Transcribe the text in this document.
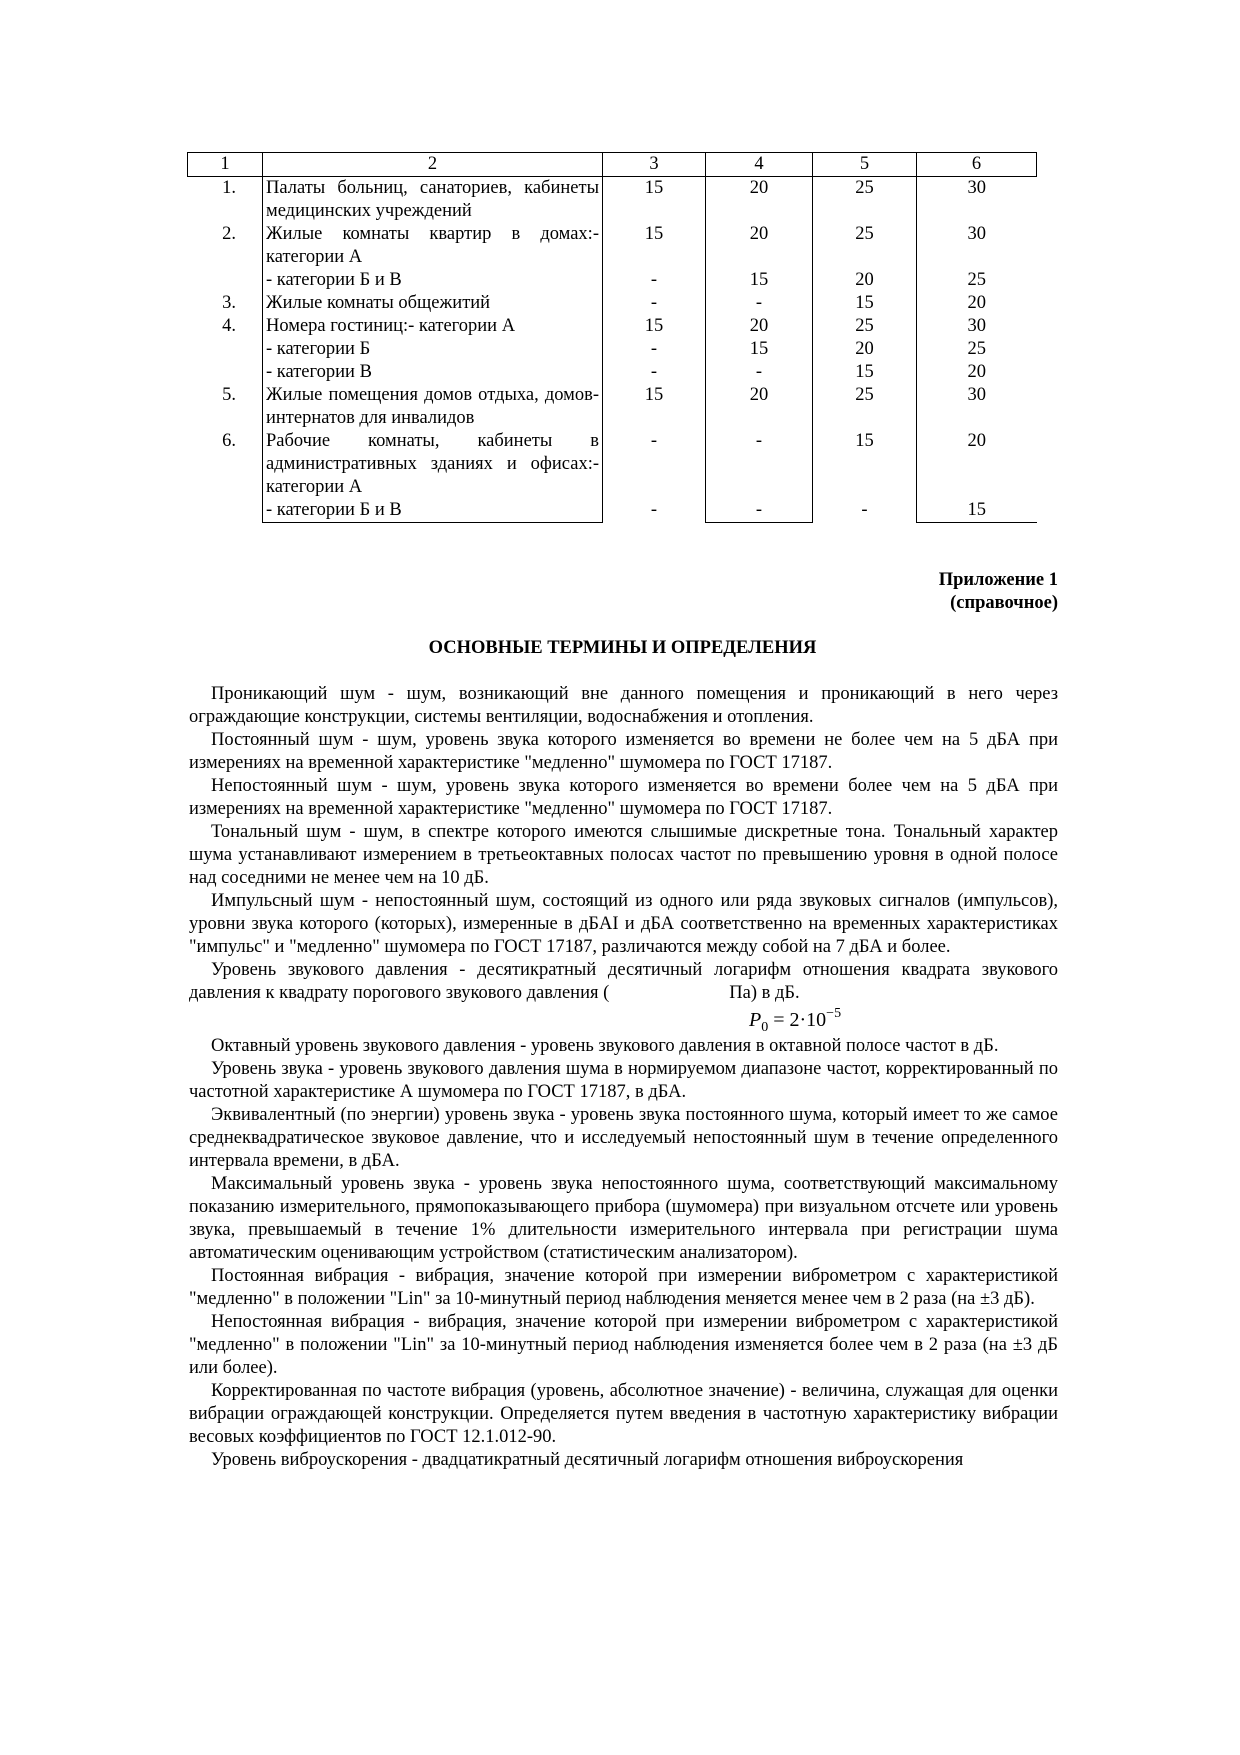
1	2	3	4	5	6
1.	Палаты больниц, санаториев, кабинеты медицинских учреждений	15	20	25	30
2.	Жилые комнаты квартир в домах:- категории А	15	20	25	30
	- категории Б и В	-	15	20	25
3.	Жилые комнаты общежитий	-	-	15	20
4.	Номера гостиниц:- категории А	15	20	25	30
	- категории Б	-	15	20	25
	- категории В	-	-	15	20
5.	Жилые помещения домов отдыха, домов-интернатов для инвалидов	15	20	25	30
6.	Рабочие комнаты, кабинеты в административных зданиях и офисах:- категории А	-	-	15	20
	- категории Б и В	-	-	-	15
Приложение 1
(справочное)
ОСНОВНЫЕ ТЕРМИНЫ И ОПРЕДЕЛЕНИЯ

Проникающий шум - шум, возникающий вне данного помещения и проникающий в него через ограждающие конструкции, системы вентиляции, водоснабжения и отопления.

Постоянный шум - шум, уровень звука которого изменяется во времени не более чем на 5 дБА при измерениях на временной характеристике "медленно" шумомера по ГОСТ 17187.

Непостоянный шум - шум, уровень звука которого изменяется во времени более чем на 5 дБА при измерениях на временной характеристике "медленно" шумомера по ГОСТ 17187.

Тональный шум - шум, в спектре которого имеются слышимые дискретные тона. Тональный характер шума устанавливают измерением в третьеоктавных полосах частот по превышению уровня в одной полосе над соседними не менее чем на 10 дБ.

Импульсный шум - непостоянный шум, состоящий из одного или ряда звуковых сигналов (импульсов), уровни звука которого (которых), измеренные в дБAI и дБА соответственно на временных характеристиках "импульс" и "медленно" шумомера по ГОСТ 17187, различаются между собой на 7 дБА и более.

Уровень звукового давления - десятикратный десятичный логарифм отношения квадрата звукового давления к квадрату порогового звукового давления (	Па) в дБ.

$P_0 = 2\cdot 10^{-5}$

Октавный уровень звукового давления - уровень звукового давления в октавной полосе частот в дБ.

Уровень звука - уровень звукового давления шума в нормируемом диапазоне частот, корректированный по частотной характеристике А шумомера по ГОСТ 17187, в дБА.

Эквивалентный (по энергии) уровень звука - уровень звука постоянного шума, который имеет то же самое среднеквадратическое звуковое давление, что и исследуемый непостоянный шум в течение определенного интервала времени, в дБА.

Максимальный уровень звука - уровень звука непостоянного шума, соответствующий максимальному показанию измерительного, прямопоказывающего прибора (шумомера) при визуальном отсчете или уровень звука, превышаемый в течение 1% длительности измерительного интервала при регистрации шума автоматическим оценивающим устройством (статистическим анализатором).

Постоянная вибрация - вибрация, значение которой при измерении виброметром с характеристикой "медленно" в положении "Lin" за 10-минутный период наблюдения меняется менее чем в 2 раза (на ±3 дБ).

Непостоянная вибрация - вибрация, значение которой при измерении виброметром с характеристикой "медленно" в положении "Lin" за 10-минутный период наблюдения изменяется более чем в 2 раза (на ±3 дБ или более).

Корректированная по частоте вибрация (уровень, абсолютное значение) - величина, служащая для оценки вибрации ограждающей конструкции. Определяется путем введения в частотную характеристику вибрации весовых коэффициентов по ГОСТ 12.1.012-90.

Уровень виброускорения - двадцатикратный десятичный логарифм отношения виброускорения
